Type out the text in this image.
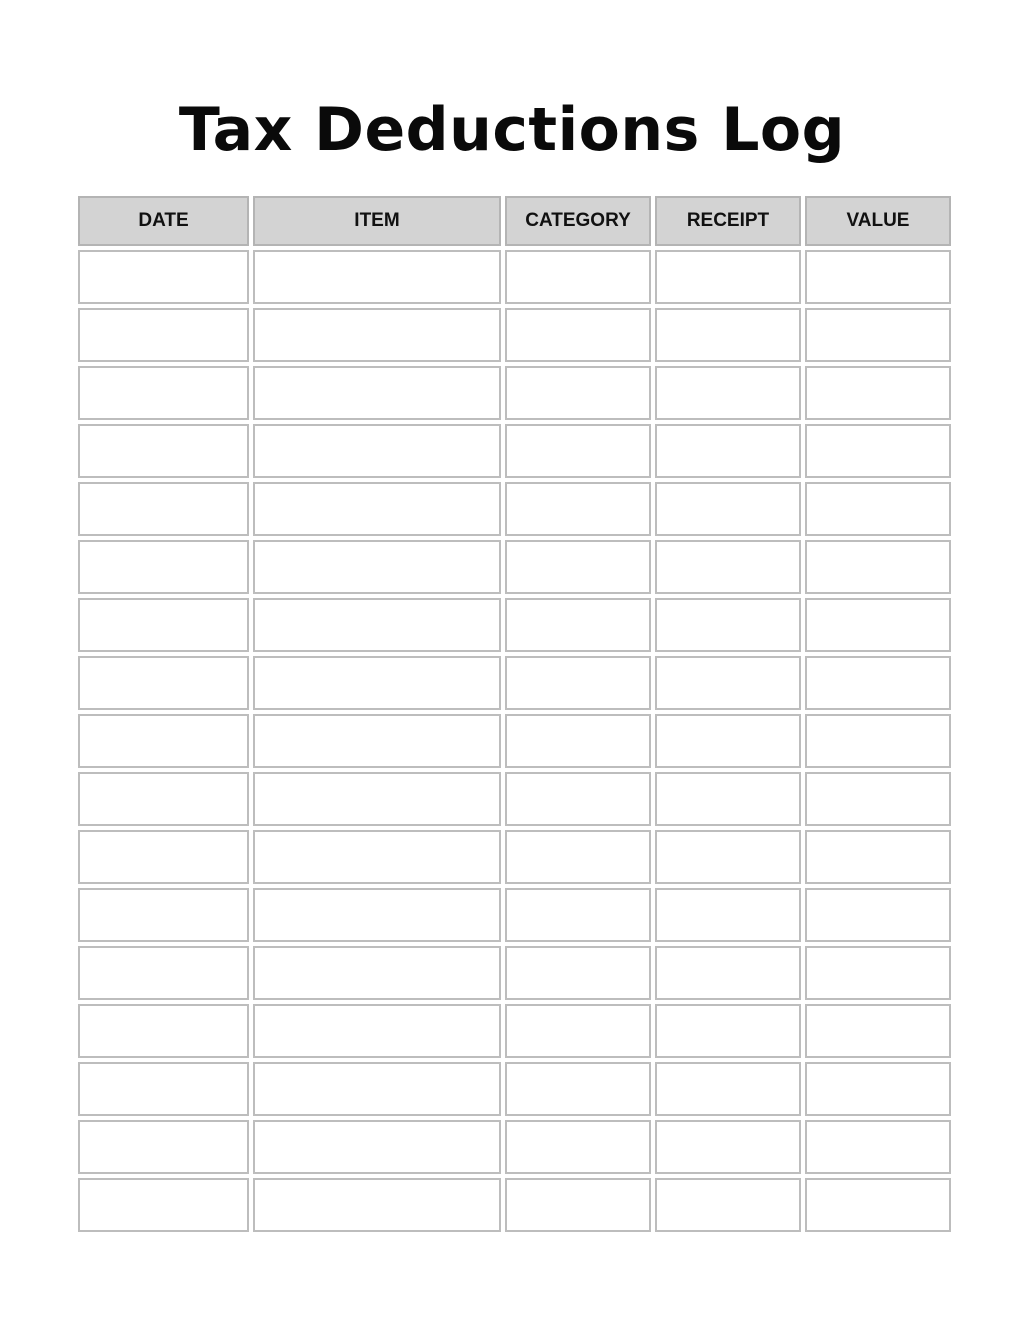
Tax Deductions Log
DATE	ITEM	CATEGORY	RECEIPT	VALUE
